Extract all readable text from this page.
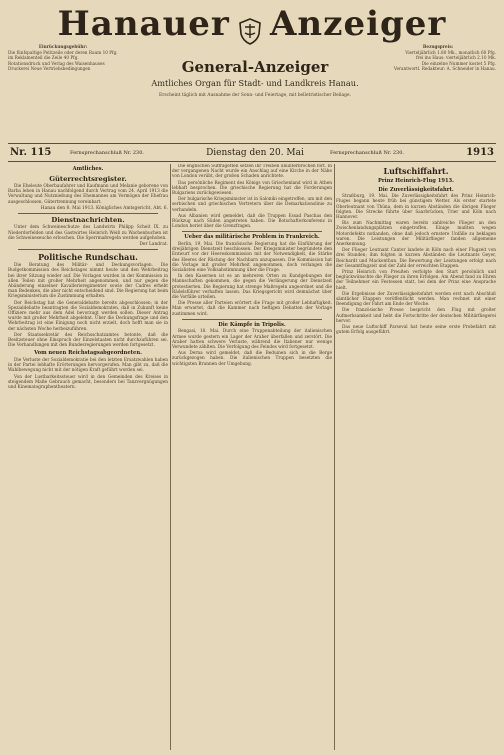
Hanauer Anzeiger
Einrückungsgebühr:
Die fünfspaltige Petitzeile oder deren Raum 10 Pfg.
im Reklamenteil die Zeile 40 Pfg.
Rotationsdruck und Verlag des Waisenhauses
Druckerei Neue Vertriebsbedingungen
Bezugspreis:
Vierteljährlich 1.80 Mk., monatlich 60 Pfg.
frei ins Haus: vierteljährlich 2.10 Mk.
Die einzelne Nummer kostet 5 Pfg.
Verantwortl. Redakteur: A. Schneider in Hanau.
General-Anzeiger
Amtliches Organ für Stadt- und Landkreis Hanau.
Erscheint täglich mit Ausnahme der Sonn- und Feiertage, mit belletristischer Beilage.
Nr. 115	Fernsprechanschluß Nr. 230.	Dienstag den 20. Mai	Fernsprechanschluß Nr. 230.	1913
Amtliches.
Güterrechtsregister.

Die Eheleute Oberbaufahrer und Kaufmann und Melanie geborene von Barba leben in Hanau nachfolgend durch Vertrag vom 24. April 1913 die Verwaltung und Nutznießung des Ehemannes am Vermögen der Ehefrau ausgeschlossen, Gütertrennung vereinbart.

Hanau den 8. Mai 1913. Königliches Amtsgericht, Abt. 6.
Dienstnachrichten.

Unter dem Schweineschutze des Landwirts Philipp Scheit IX. zu Niederdorfelden und des Gastwirtes Heinrich Weiß zu Wachenbuchen ist die Schweineseuche erloschen. Die Sperrmaßregeln werden aufgehoben.

Der Landrat.
Politische Rundschau.

Die Beratung des Militär- und Deckungsvorlagen. Die Budgetkommission des Reichstages nimmt heute und den Wehrbeitrag bei ihrer Sitzung wieder auf. Die Vorlagen wurden in der Kommission in allen Teilen mit großer Mehrheit angenommen, und nur gegen die Abänderung einzelner Kavallerieregimenter sowie der Cadres erhebt man Bedenken, die aber nicht entscheidend sind. Die Regierung hat beim Kriegsministerium die Zustimmung erhalten.

Der Reichstag hat die Generaldebatte bereits abgeschlossen; in der Spezialdebatte beantragten die Sozialdemokraten, daß in Zukunft keine Offiziere mehr aus dem Adel bevorzugt werden sollen. Dieser Antrag wurde mit großer Mehrheit abgelehnt. Über die Deckungsfrage und den Wehrbeitrag ist eine Einigung noch nicht erzielt, doch hofft man sie in der nächsten Woche herbeizuführen.

Der Staatssekretär des Reichsschatzamtes betonte, daß die Besitzsteuer ohne Einspruch der Einzelstaaten nicht durchzuführen sei. Die Verhandlungen mit den Bundesregierungen werden fortgesetzt.

Vom neuen Reichstagsabgeordneten.

Die Verluste der Sozialdemokratie bei den letzten Ersatzwahlen haben in der Partei lebhafte Erörterungen hervorgerufen. Man gibt zu, daß die Wahlbewegung nicht mit der nötigen Kraft geführt worden sei.

Von der Lustbarkeitssteuer wird in den Gemeinden des Kreises in steigendem Maße Gebrauch gemacht, besonders bei Tanzvergnügungen und Kinematographentheatern.

Die englischen Suffragetten setzen ihr Treiben ununterbrochen fort. In der vergangenen Nacht wurde ein Anschlag auf eine Kirche in der Nähe von London verübt, der großen Schaden anrichtete.

Das persönliche Regiment des Königs von Griechenland wird in Athen lebhaft besprochen. Die griechische Regierung hat die Forderungen Bulgariens zurückgewiesen.

Der bulgarische Kriegsminister ist in Saloniki eingetroffen, um mit den serbischen und griechischen Vertretern über die Demarkationslinie zu verhandeln.

Aus Albanien wird gemeldet, daß die Truppen Essad Paschas den Rückzug nach Süden angetreten haben. Die Botschafterkonferenz in London beriet über die Grenzfragen.

Ueber das militärische Problem in Frankreich.

Berlin, 19. Mai. Die französische Regierung hat die Einführung der dreijährigen Dienstzeit beschlossen. Der Kriegsminister begründete den Entwurf vor der Heereskommission mit der Notwendigkeit, die Stärke des Heeres der Rüstung der Nachbarn anzupassen. Die Kommission hat die Vorlage mit großer Mehrheit angenommen, doch verlangen die Sozialisten eine Volksabstimmung über die Frage.

In den Kasernen ist es an mehreren Orten zu Kundgebungen der Mannschaften gekommen, die gegen die Verlängerung der Dienstzeit protestierten. Die Regierung hat strenge Maßregeln angeordnet und die Rädelsführer verhaften lassen. Das Kriegsgericht wird demnächst über die Vorfälle urteilen.

Die Presse aller Parteien erörtert die Frage mit großer Lebhaftigkeit. Man erwartet, daß die Kammer nach heftigen Debatten der Vorlage zustimmen wird.

Die Kämpfe in Tripolis.

Bengasi, 18. Mai. Durch eine Truppenabteilung der italienischen Armee wurde gestern ein Lager der Araber überfallen und zerstört. Die Araber hatten schwere Verluste, während die Italiener nur wenige Verwundete zählten. Die Verfolgung des Feindes wird fortgesetzt.

Aus Derna wird gemeldet, daß die Beduinen sich in die Berge zurückgezogen haben. Die italienischen Truppen besetzten die wichtigsten Brunnen der Umgebung.

Luftschiffahrt.
Prinz Heinrich-Flug 1913.
Die Zuverlässigkeitsfahrt.

Straßburg, 19. Mai. Die Zuverlässigkeitsfahrt des Prinz Heinrich-Fluges begann heute früh bei günstigem Wetter. Als erster startete Oberleutnant von Thüna, dem in kurzen Abständen die übrigen Flieger folgten. Die Strecke führte über Saarbrücken, Trier und Köln nach Hannover.

Bis zum Nachmittag waren bereits zahlreiche Flieger an den Zwischenlandungsplätzen eingetroffen. Einige mußten wegen Motordefekts notlanden, ohne daß jedoch ernstere Unfälle zu beklagen waren. Die Leistungen der Militärflieger fanden allgemeine Anerkennung.

Der Flieger Leutnant Canter landete in Köln nach einer Flugzeit von drei Stunden; ihm folgten in kurzen Abständen die Leutnants Geyer, Reichardt und Mackenthun. Die Bewertung der Leistungen erfolgt nach der Gesamtflugzeit und der Zahl der erreichten Etappen.

Prinz Heinrich von Preußen verfolgte den Start persönlich und beglückwünschte die Flieger zu ihren Erfolgen. Am Abend fand zu Ehren der Teilnehmer ein Festessen statt, bei dem der Prinz eine Ansprache hielt.

Die Ergebnisse der Zuverlässigkeitsfahrt werden erst nach Abschluß sämtlicher Etappen veröffentlicht werden. Man rechnet mit einer Beendigung der Fahrt am Ende der Woche.

Die französische Presse bespricht den Flug mit großer Aufmerksamkeit und hebt die Fortschritte der deutschen Militärfliegerei hervor.

Das neue Luftschiff Parseval hat heute seine erste Probefahrt mit gutem Erfolg ausgeführt.
